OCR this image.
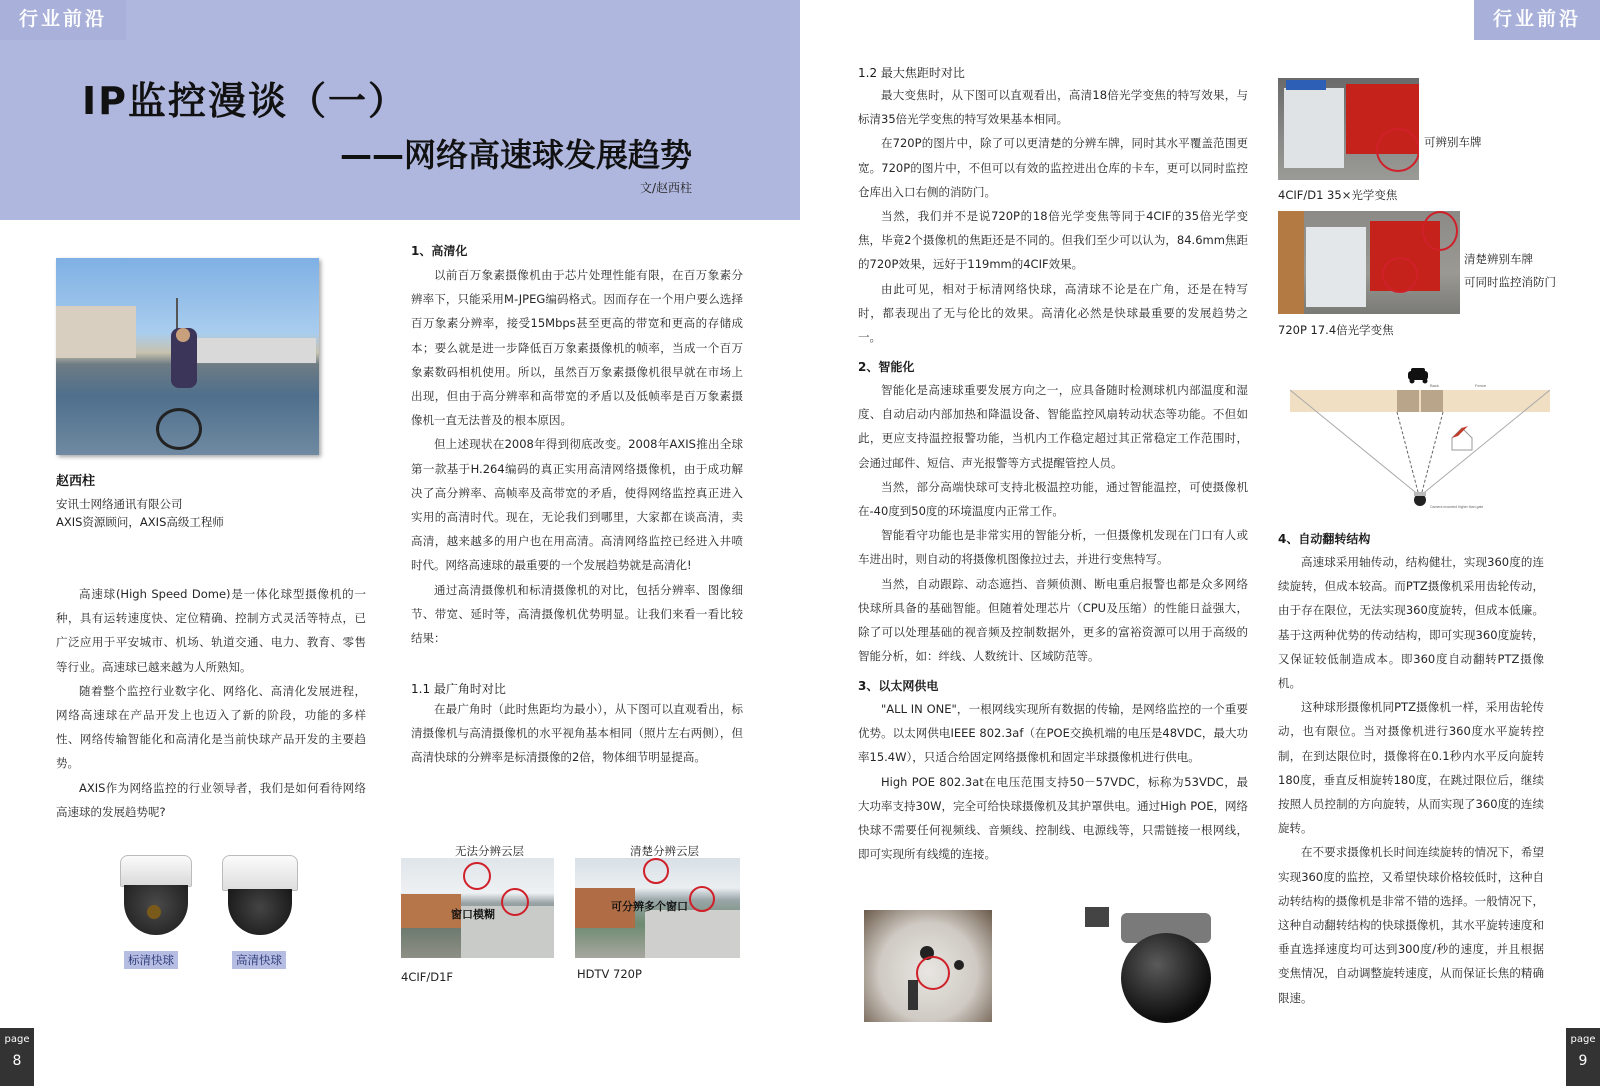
行业前沿
IP监控漫谈（一）
——网络高速球发展趋势
文/赵西柱
赵西柱
安讯士网络通讯有限公司
AXIS资源顾问，AXIS高级工程师

高速球(High Speed Dome)是一体化球型摄像机的一种，具有运转速度快、定位精确、控制方式灵活等特点，已广泛应用于平安城市、机场、轨道交通、电力、教育、零售等行业。高速球已越来越为人所熟知。

随着整个监控行业数字化、网络化、高清化发展进程，网络高速球在产品开发上也迈入了新的阶段，功能的多样性、网络传输智能化和高清化是当前快球产品开发的主要趋势。

AXIS作为网络监控的行业领导者，我们是如何看待网络高速球的发展趋势呢?

标清快球	高清快球
1、高清化

以前百万象素摄像机由于芯片处理性能有限，在百万象素分辨率下，只能采用M-JPEG编码格式。因而存在一个用户要么选择百万象素分辨率，接受15Mbps甚至更高的带宽和更高的存储成本；要么就是进一步降低百万象素摄像机的帧率，当成一个百万象素数码相机使用。所以，虽然百万象素摄像机很早就在市场上出现，但由于高分辨率和高带宽的矛盾以及低帧率是百万象素摄像机一直无法普及的根本原因。

但上述现状在2008年得到彻底改变。2008年AXIS推出全球第一款基于H.264编码的真正实用高清网络摄像机，由于成功解决了高分辨率、高帧率及高带宽的矛盾，使得网络监控真正进入实用的高清时代。现在，无论我们到哪里，大家都在谈高清，卖高清，越来越多的用户也在用高清。高清网络监控已经进入井喷时代。网络高速球的最重要的一个发展趋势就是高清化!

通过高清摄像机和标清摄像机的对比，包括分辨率、图像细节、带宽、延时等，高清摄像机优势明显。让我们来看一看比较结果：

1.1 最广角时对比

在最广角时（此时焦距均为最小），从下图可以直观看出，标清摄像机与高清摄像机的水平视角基本相同（照片左右两侧），但高清快球的分辨率是标清摄像的2倍，物体细节明显提高。

无法分辨云层	清楚分辨云层
窗口模糊
可分辨多个窗口
4CIF/D1F	HDTV 720P
page
8
行业前沿
1.2 最大焦距时对比

最大变焦时，从下图可以直观看出，高清18倍光学变焦的特写效果，与标清35倍光学变焦的特写效果基本相同。

在720P的图片中，除了可以更清楚的分辨车牌，同时其水平覆盖范围更宽。720P的图片中，不但可以有效的监控进出仓库的卡车，更可以同时监控仓库出入口右侧的消防门。

当然，我们并不是说720P的18倍光学变焦等同于4CIF的35倍光学变焦，毕竟2个摄像机的焦距还是不同的。但我们至少可以认为，84.6mm焦距的720P效果，远好于119mm的4CIF效果。

由此可见，相对于标清网络快球，高清球不论是在广角，还是在特写时，都表现出了无与伦比的效果。高清化必然是快球最重要的发展趋势之一。

2、智能化

智能化是高速球重要发展方向之一，应具备随时检测球机内部温度和湿度、自动启动内部加热和降温设备、智能监控风扇转动状态等功能。不但如此，更应支持温控报警功能，当机内工作稳定超过其正常稳定工作范围时，会通过邮件、短信、声光报警等方式提醒管控人员。

当然，部分高端快球可支持北极温控功能，通过智能温控，可使摄像机在-40度到50度的环境温度内正常工作。

智能看守功能也是非常实用的智能分析，一但摄像机发现在门口有人或车进出时，则自动的将摄像机图像拉过去，并进行变焦特写。

当然，自动跟踪、动态遮挡、音频侦测、断电重启报警也都是众多网络快球所具备的基础智能。但随着处理芯片（CPU及压缩）的性能日益强大，除了可以处理基础的视音频及控制数据外，更多的富裕资源可以用于高级的智能分析，如：绊线、人数统计、区域防范等。

3、以太网供电

"ALL IN ONE"，一根网线实现所有数据的传输，是网络监控的一个重要优势。以太网供电IEEE 802.3af（在POE交换机端的电压是48VDC，最大功率15.4W），只适合给固定网络摄像机和固定半球摄像机进行供电。

High POE 802.3at在电压范围支持50－57VDC，标称为53VDC，最大功率支持30W，完全可给快球摄像机及其护罩供电。通过High POE，网络快球不需要任何视频线、音频线、控制线、电源线等，只需链接一根网线，即可实现所有线缆的连接。

可辨别车牌
4CIF/D1 35×光学变焦
清楚辨别车牌
可同时监控消防门
720P 17.4倍光学变焦
Back	Fence
Camera mounted higher than gate
4、自动翻转结构

高速球采用轴传动，结构健壮，实现360度的连续旋转，但成本较高。而PTZ摄像机采用齿轮传动，由于存在限位，无法实现360度旋转，但成本低廉。基于这两种优势的传动结构，即可实现360度旋转，又保证较低制造成本。即360度自动翻转PTZ摄像机。

这种球形摄像机同PTZ摄像机一样，采用齿轮传动，也有限位。当对摄像机进行360度水平旋转控制，在到达限位时，摄像将在0.1秒内水平反向旋转180度，垂直反相旋转180度，在跳过限位后，继续按照人员控制的方向旋转，从而实现了360度的连续旋转。

在不要求摄像机长时间连续旋转的情况下，希望实现360度的监控，又希望快球价格较低时，这种自动转结构的摄像机是非常不错的选择。一般情况下，这种自动翻转结构的快球摄像机，其水平旋转速度和垂直选择速度均可达到300度/秒的速度，并且根据变焦情况，自动调整旋转速度，从而保证长焦的精确限速。

page
9
